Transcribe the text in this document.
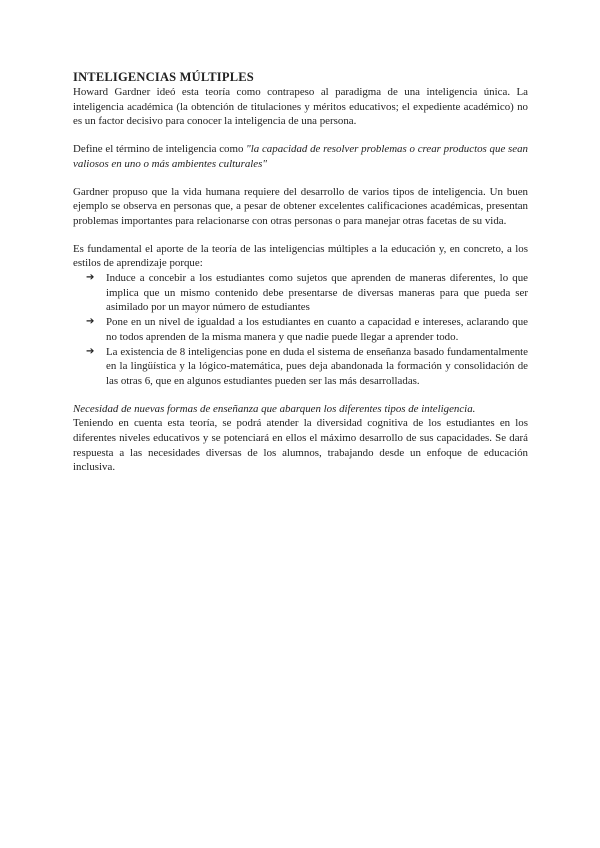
INTELIGENCIAS MÚLTIPLES

Howard Gardner ideó esta teoría como contrapeso al paradigma de una inteligencia única. La inteligencia académica (la obtención de titulaciones y méritos educativos; el expediente académico) no es un factor decisivo para conocer la inteligencia de una persona.

Define el término de inteligencia como "la capacidad de resolver problemas o crear productos que sean valiosos en uno o más ambientes culturales"

Gardner propuso que la vida humana requiere del desarrollo de varios tipos de inteligencia. Un buen ejemplo se observa en personas que, a pesar de obtener excelentes calificaciones académicas, presentan problemas importantes para relacionarse con otras personas o para manejar otras facetas de su vida.

Es fundamental el aporte de la teoría de las inteligencias múltiples a la educación y, en concreto, a los estilos de aprendizaje porque:

➔ Induce a concebir a los estudiantes como sujetos que aprenden de maneras diferentes, lo que implica que un mismo contenido debe presentarse de diversas maneras para que pueda ser asimilado por un mayor número de estudiantes
➔ Pone en un nivel de igualdad a los estudiantes en cuanto a capacidad e intereses, aclarando que no todos aprenden de la misma manera y que nadie puede llegar a aprender todo.
➔ La existencia de 8 inteligencias pone en duda el sistema de enseñanza basado fundamentalmente en la lingüística y la lógico-matemática, pues deja abandonada la formación y consolidación de las otras 6, que en algunos estudiantes pueden ser las más desarrolladas.

Necesidad de nuevas formas de enseñanza que abarquen los diferentes tipos de inteligencia.

Teniendo en cuenta esta teoría, se podrá atender la diversidad cognitiva de los estudiantes en los diferentes niveles educativos y se potenciará en ellos el máximo desarrollo de sus capacidades. Se dará respuesta a las necesidades diversas de los alumnos, trabajando desde un enfoque de educación inclusiva.
